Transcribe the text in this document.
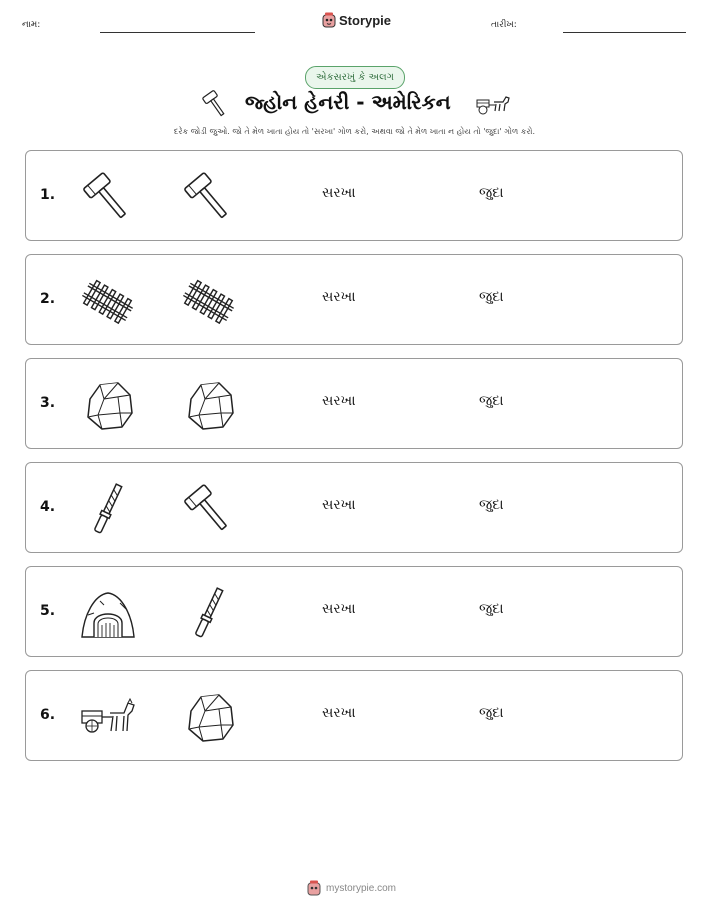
નામ:	Storypie	તારીખ:
એકસરખું કે અલગ
જ્હોન હેનરી - અમેરિકન
દરેક જોડી જુઓ. જો તે મેળ ખાતા હોય તો 'સરખા' ગોળ કરો, અથવા જો તે મેળ ખાતા ન હોય તો 'જુદા' ગોળ કરો.
1.	સરખા	જુદા
2.	સરખા	જુદા
3.	સરખા	જુદા
4.	સરખા	જુદા
5.	સરખા	જુદા
6.	સરખા	જુદા
mystorypie.com
